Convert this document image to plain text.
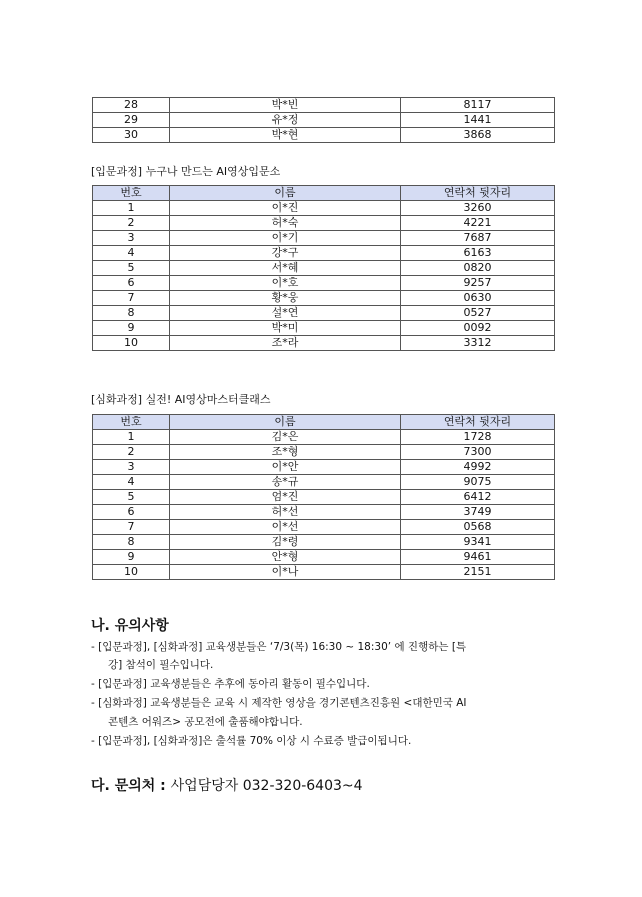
28	박*빈	8117
29	유*정	1441
30	박*현	3868
[입문과정] 누구나 만드는 AI영상입문소
번호	이름	연락처 뒷자리
1	이*진	3260
2	허*숙	4221
3	이*기	7687
4	강*구	6163
5	서*혜	0820
6	이*호	9257
7	황*웅	0630
8	설*연	0527
9	박*미	0092
10	조*라	3312
[심화과정] 실전! AI영상마스터클래스
번호	이름	연락처 뒷자리
1	김*은	1728
2	조*형	7300
3	이*안	4992
4	송*규	9075
5	엄*진	6412
6	허*선	3749
7	이*선	0568
8	김*령	9341
9	안*형	9461
10	이*나	2151
나. 유의사항
- [입문과정], [심화과정] 교육생분들은 ‘7/3(목) 16:30 ~ 18:30’ 에 진행하는 [특
강] 참석이 필수입니다.
- [입문과정] 교육생분들은 추후에 동아리 활동이 필수입니다.
- [심화과정] 교육생분들은 교육 시 제작한 영상을 경기콘텐츠진흥원 <대한민국 AI
콘텐츠 어워즈> 공모전에 출품해야합니다.
- [입문과정], [심화과정]은 출석률 70% 이상 시 수료증 발급이됩니다.
다. 문의처 : 사업담당자 032-320-6403~4
